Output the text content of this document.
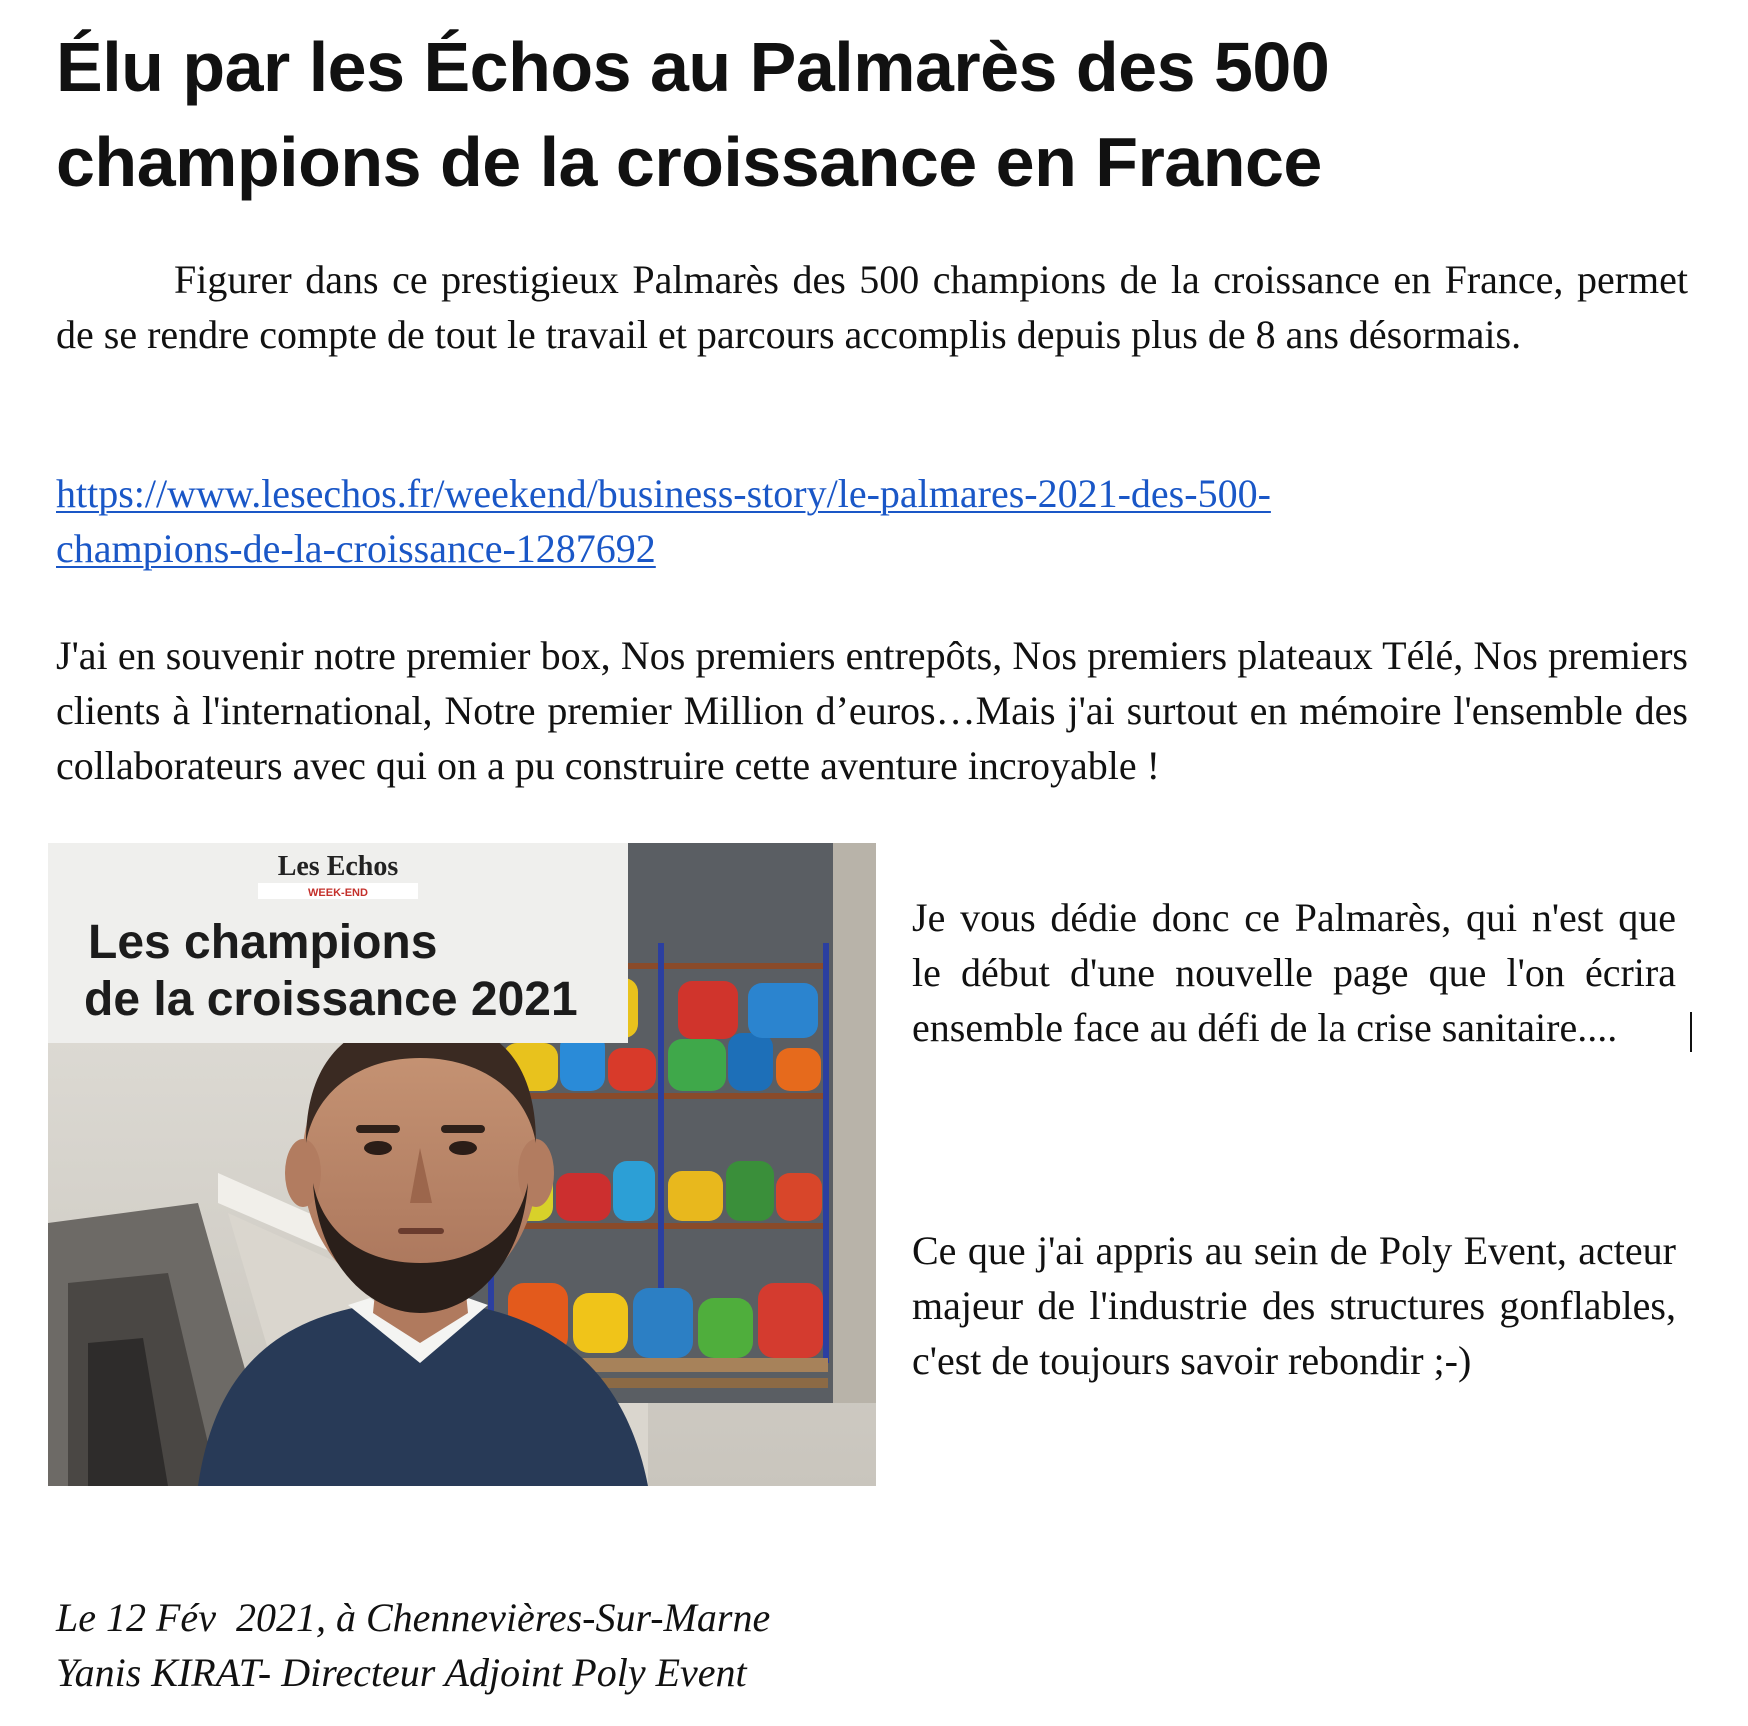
Élu par les Échos au Palmarès des 500 champions de la croissance en France

Figurer dans ce prestigieux Palmarès des 500 champions de la croissance en France, permet de se rendre compte de tout le travail et parcours accomplis depuis plus de 8 ans désormais.

https://www.lesechos.fr/weekend/business-story/le-palmares-2021-des-500-
champions-de-la-croissance-1287692

J'ai en souvenir notre premier box, Nos premiers entrepôts, Nos premiers plateaux Télé, Nos premiers clients à l'international, Notre premier Million d’euros…Mais j'ai surtout en mémoire l'ensemble des collaborateurs avec qui on a pu construire cette aventure incroyable !

Les Echos
WEEK-END
Les champions
de la croissance 2021

Je vous dédie donc ce Palmarès, qui n'est que le début d'une nouvelle page que l'on écrira ensemble face au défi de la crise sanitaire....

Ce que j'ai appris au sein de Poly Event, acteur majeur de l'industrie des structures gonflables, c'est de toujours savoir rebondir ;-)

Le 12 Fév  2021, à Chennevières-Sur-Marne
Yanis KIRAT- Directeur Adjoint Poly Event
